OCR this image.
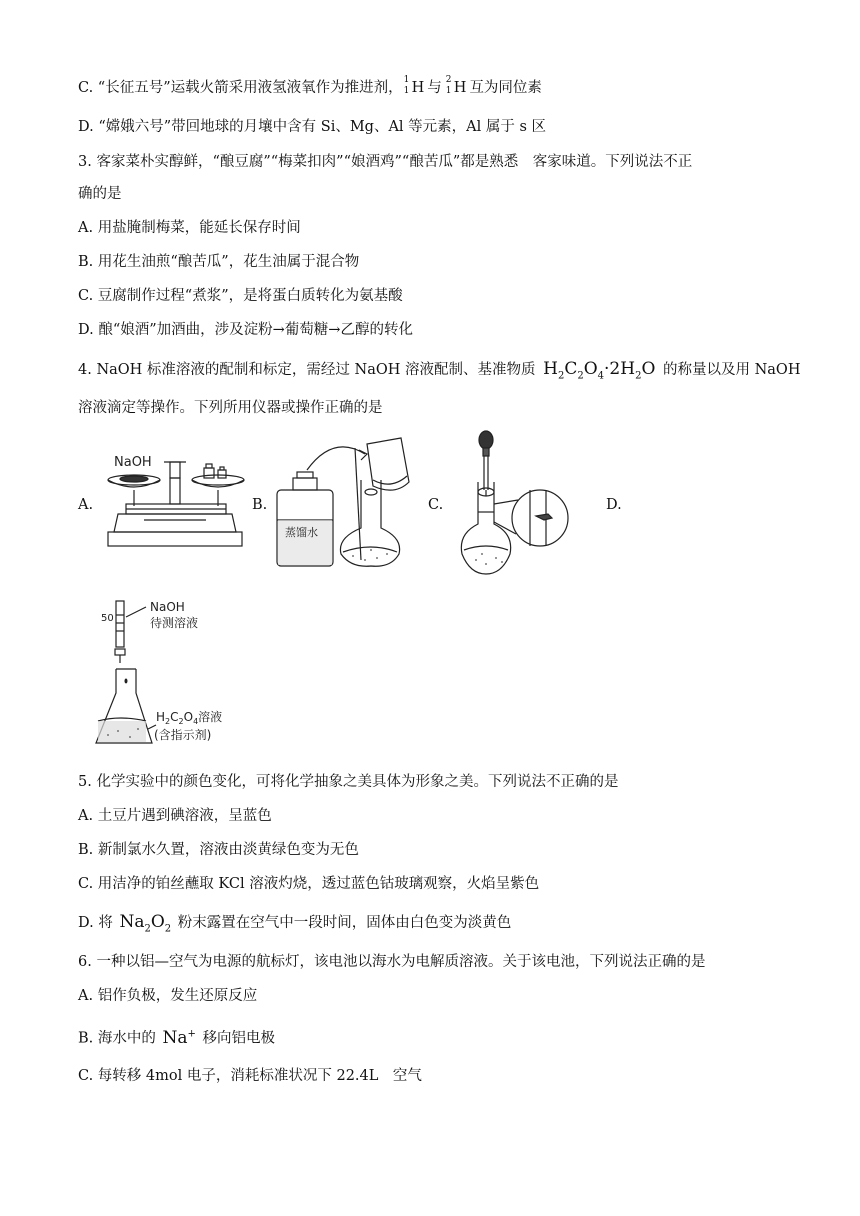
C. “长征五号”运载火箭采用液氢液氧作为推进剂， 1
1 H 与 2
1 H 互为同位素
D. “嫦娥六号”带回地球的月壤中含有 Si、Mg、Al 等元素，Al 属于 s 区
3. 客家菜朴实醇鲜，“酿豆腐”“梅菜扣肉”“娘酒鸡”“酿苦瓜”都是熟悉　客家味道。下列说法不正
确的是
A. 用盐腌制梅菜，能延长保存时间
B. 用花生油煎“酿苦瓜”，花生油属于混合物
C. 豆腐制作过程“煮浆”，是将蛋白质转化为氨基酸
D. 酿“娘酒”加酒曲，涉及淀粉→葡萄糖→乙醇的转化
4. NaOH 标准溶液的配制和标定，需经过 NaOH 溶液配制、基准物质 $H_2C_2O_4\cdot 2H_2O$ 的称量以及用 NaOH
溶液滴定等操作。下列所用仪器或操作正确的是
A.	B.	C.	D.
NaOH
蒸馏水
50
NaOH
待测溶液
$H_2C_2O_4$溶液
(含指示剂)
5. 化学实验中的颜色变化，可将化学抽象之美具体为形象之美。下列说法不正确的是
A. 土豆片遇到碘溶液，呈蓝色
B. 新制氯水久置，溶液由淡黄绿色变为无色
C. 用洁净的铂丝蘸取 KCl 溶液灼烧，透过蓝色钴玻璃观察，火焰呈紫色
D. 将 $Na_2O_2$ 粉末露置在空气中一段时间，固体由白色变为淡黄色
6. 一种以铝—空气为电源的航标灯，该电池以海水为电解质溶液。关于该电池，下列说法正确的是
A. 铝作负极，发生还原反应
B. 海水中的 Na+ 移向铝电极
C. 每转移 4mol 电子，消耗标准状况下 22.4L　空气
